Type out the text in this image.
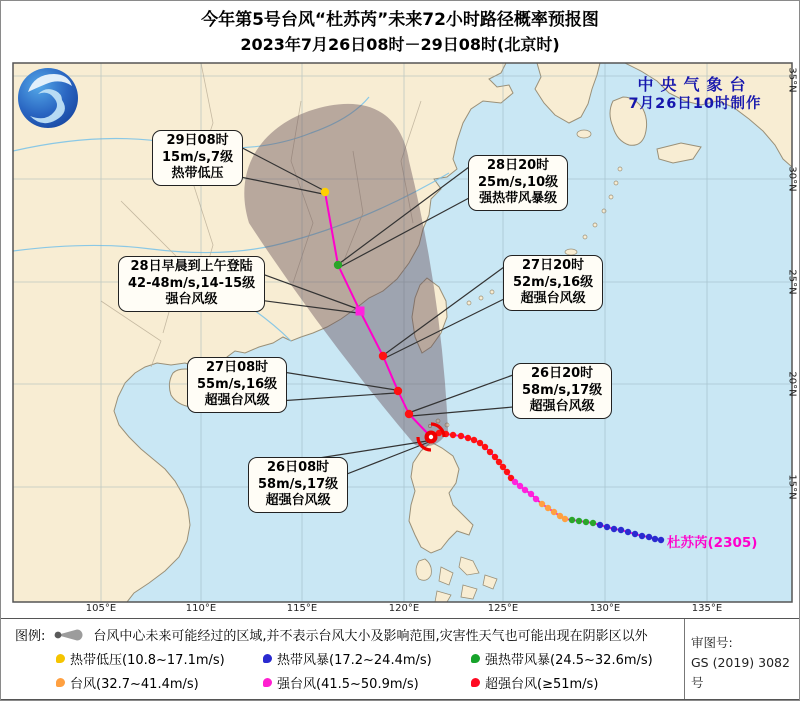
今年第5号台风“杜苏芮”未来72小时路径概率预报图
2023年7月26日08时－29日08时(北京时)
中央气象台
7月26日10时制作
29日08时
15m/s,7级
热带低压
28日早晨到上午登陆
42-48m/s,14-15级
强台风级
27日08时
55m/s,16级
超强台风级
26日08时
58m/s,17级
超强台风级
28日20时
25m/s,10级
强热带风暴级
27日20时
52m/s,16级
超强台风级
26日20时
58m/s,17级
超强台风级
杜苏芮(2305)
105°E	110°E	115°E	120°E	125°E	130°E	135°E
35°N
30°N
25°N
20°N
15°N
图例:	台风中心未来可能经过的区域,并不表示台风大小及影响范围,灾害性天气也可能出现在阴影区以外
热带低压(10.8~17.1m/s)	热带风暴(17.2~24.4m/s)	强热带风暴(24.5~32.6m/s)
台风(32.7~41.4m/s)	强台风(41.5~50.9m/s)	超强台风(≥51m/s)
审图号:
GS (2019) 3082号
